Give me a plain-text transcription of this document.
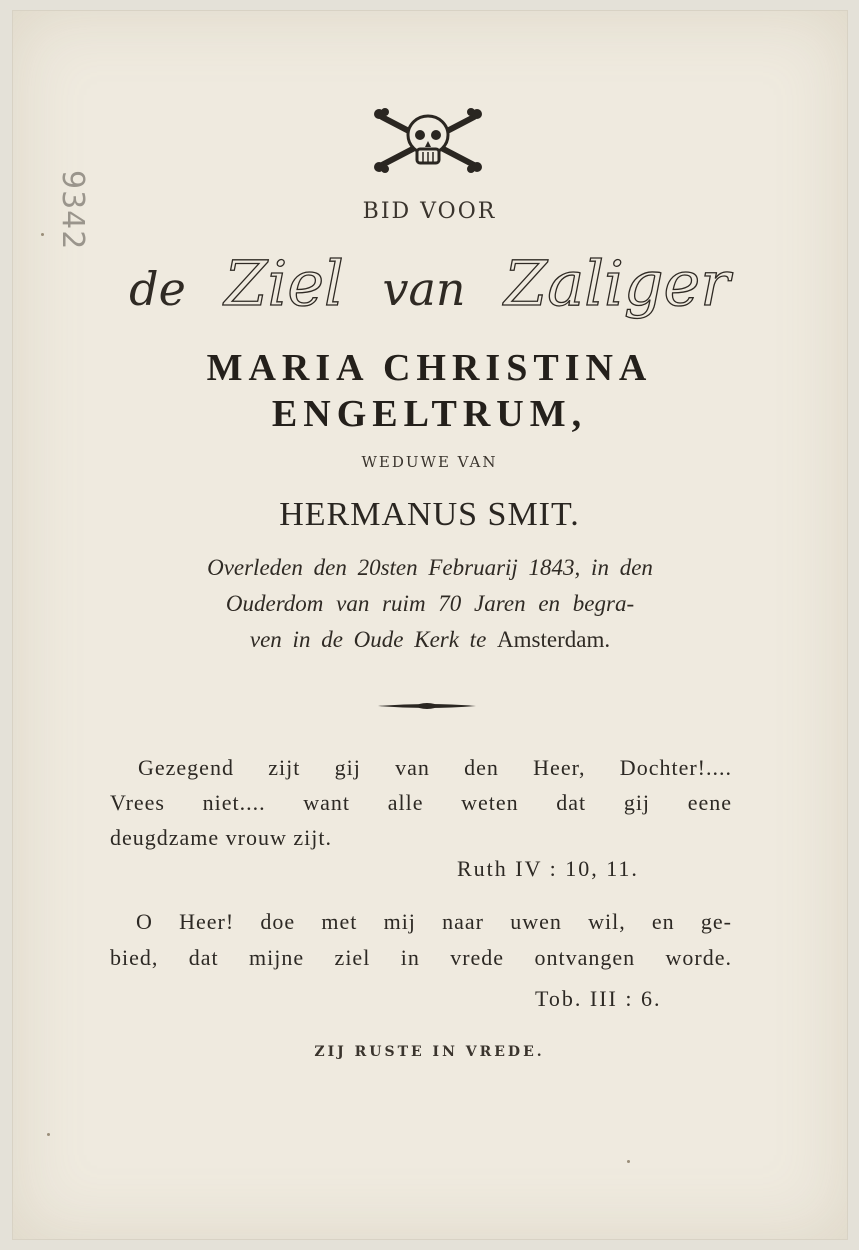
9342	BID VOOR
de Ziel van Zaliger
MARIA CHRISTINA
ENGELTRUM,
WEDUWE VAN
HERMANUS SMIT.
Overleden den 20sten Februarij 1843, in den
Ouderdom van ruim 70 Jaren en begra-
ven in de Oude Kerk te Amsterdam.
Gezegend zijt gij van den Heer, Dochter!....
Vrees niet.... want alle weten dat gij eene
deugdzame vrouw zijt.
Ruth IV : 10, 11.
O Heer! doe met mij naar uwen wil, en ge-
bied, dat mijne ziel in vrede ontvangen worde.
Tob. III : 6.
ZIJ RUSTE IN VREDE.
